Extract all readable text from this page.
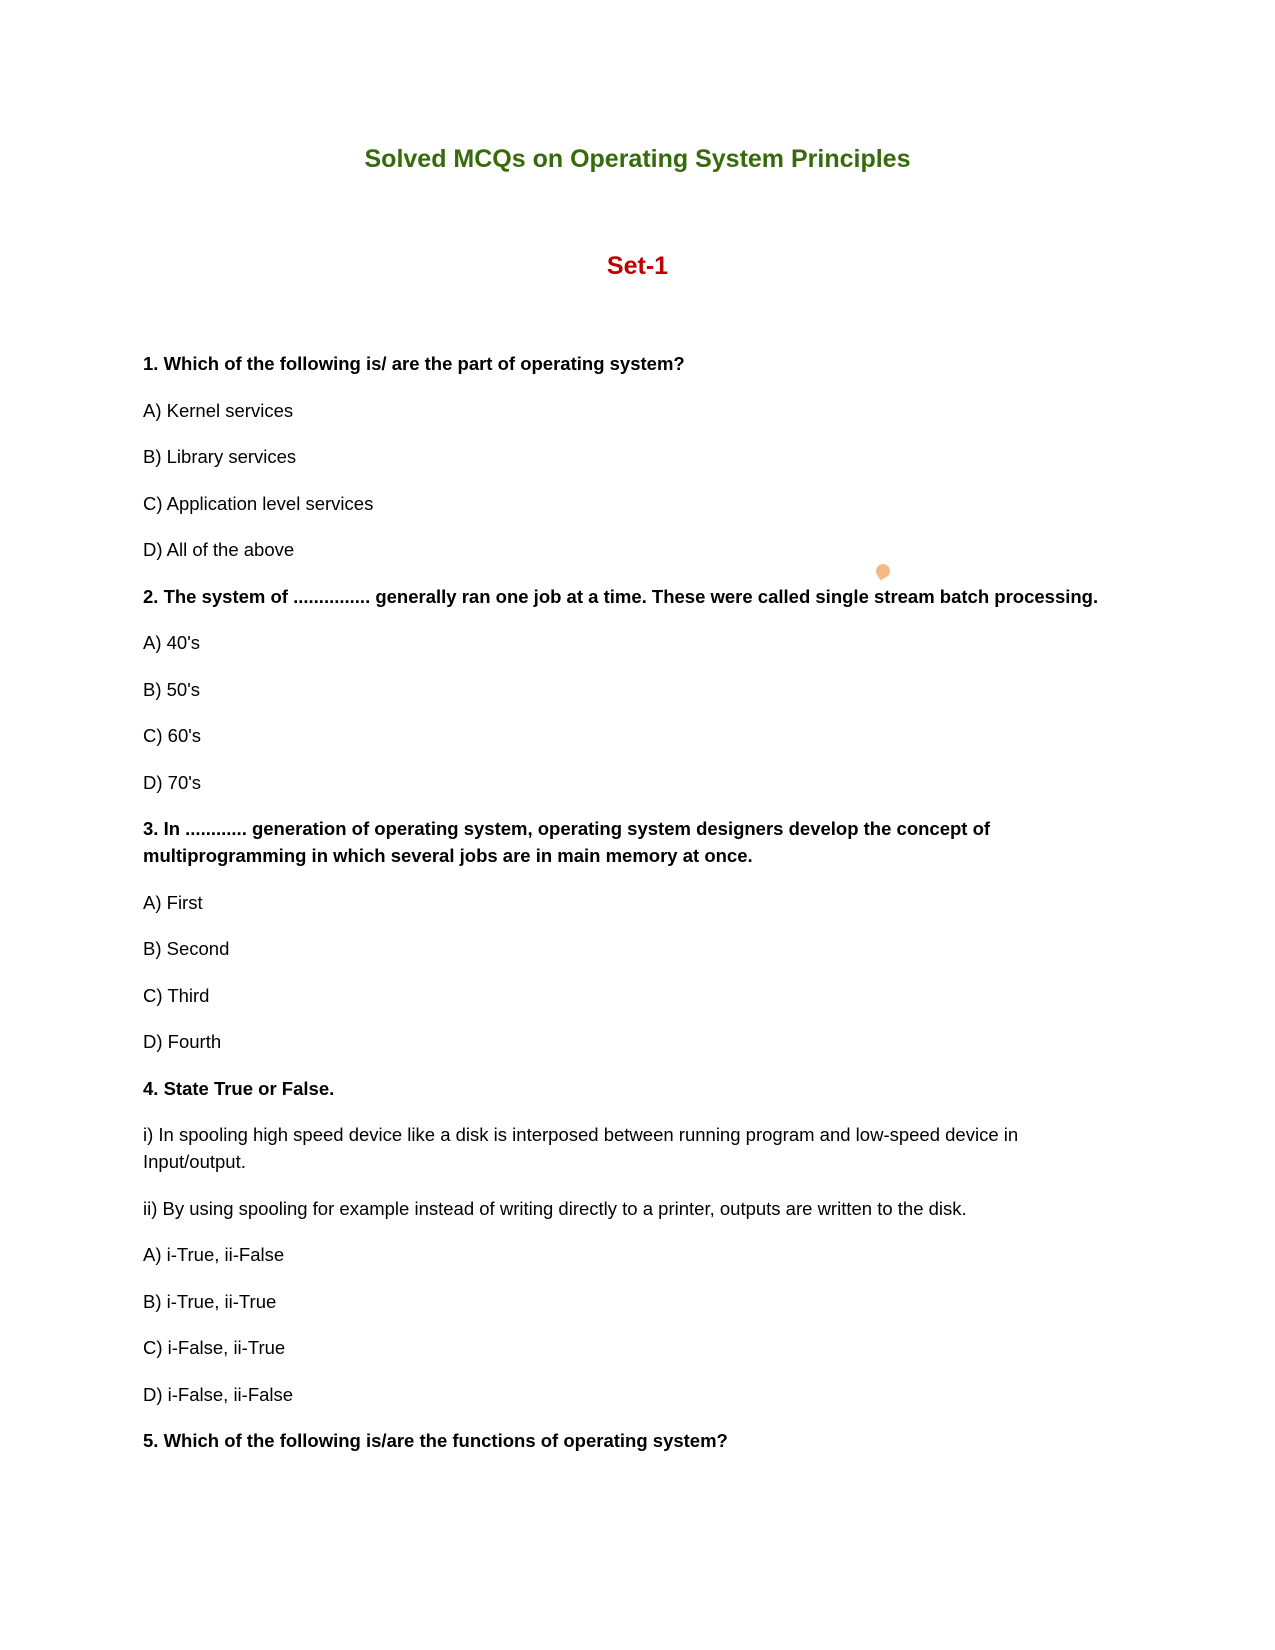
Solved MCQs on Operating System Principles
Set-1

1. Which of the following is/ are the part of operating system?

A) Kernel services

B) Library services

C) Application level services

D) All of the above

2. The system of ............... generally ran one job at a time. These were called single stream batch processing.

A) 40's

B) 50's

C) 60's

D) 70's

3. In ............ generation of operating system, operating system designers develop the concept of multiprogramming in which several jobs are in main memory at once.

A) First

B) Second

C) Third

D) Fourth

4. State True or False.

i) In spooling high speed device like a disk is interposed between running program and low-speed device in Input/output.

ii) By using spooling for example instead of writing directly to a printer, outputs are written to the disk.

A) i-True, ii-False

B) i-True, ii-True

C) i-False, ii-True

D) i-False, ii-False

5. Which of the following is/are the functions of operating system?
